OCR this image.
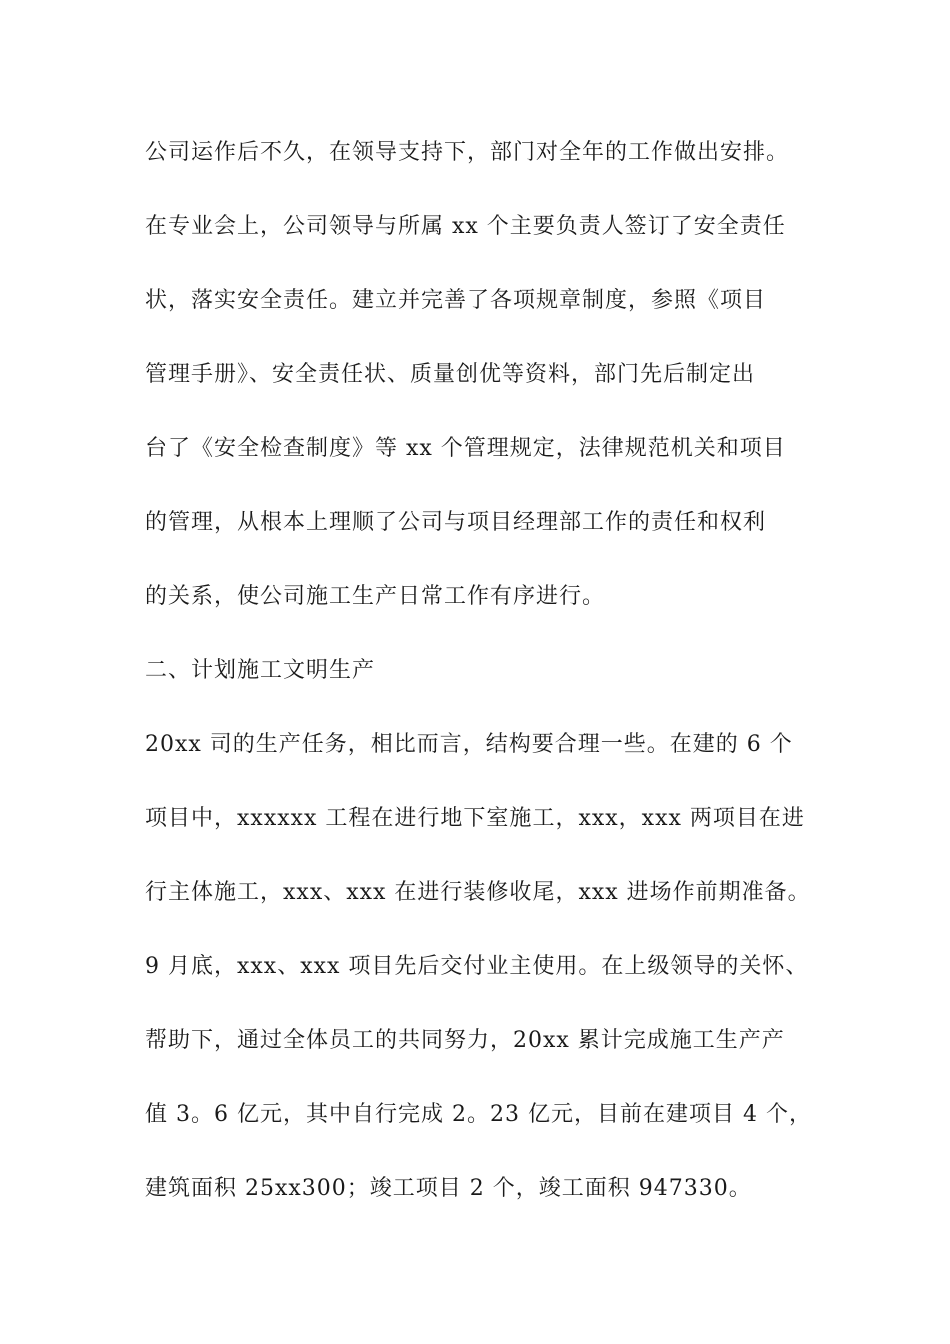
公司运作后不久，在领导支持下，部门对全年的工作做出安排。
在专业会上，公司领导与所属 xx 个主要负责人签订了安全责任
状，落实安全责任。建立并完善了各项规章制度，参照《项目
管理手册》、安全责任状、质量创优等资料，部门先后制定出
台了《安全检查制度》等 xx 个管理规定，法律规范机关和项目
的管理，从根本上理顺了公司与项目经理部工作的责任和权利
的关系，使公司施工生产日常工作有序进行。
二、计划施工文明生产
20xx 司的生产任务，相比而言，结构要合理一些。在建的 6 个
项目中，xxxxxx 工程在进行地下室施工，xxx，xxx 两项目在进
行主体施工，xxx、xxx 在进行装修收尾，xxx 进场作前期准备。
9 月底，xxx、xxx 项目先后交付业主使用。在上级领导的关怀、
帮助下，通过全体员工的共同努力，20xx 累计完成施工生产产
值 3。6 亿元，其中自行完成 2。23 亿元，目前在建项目 4 个，
建筑面积 25xx300；竣工项目 2 个，竣工面积 947330。
